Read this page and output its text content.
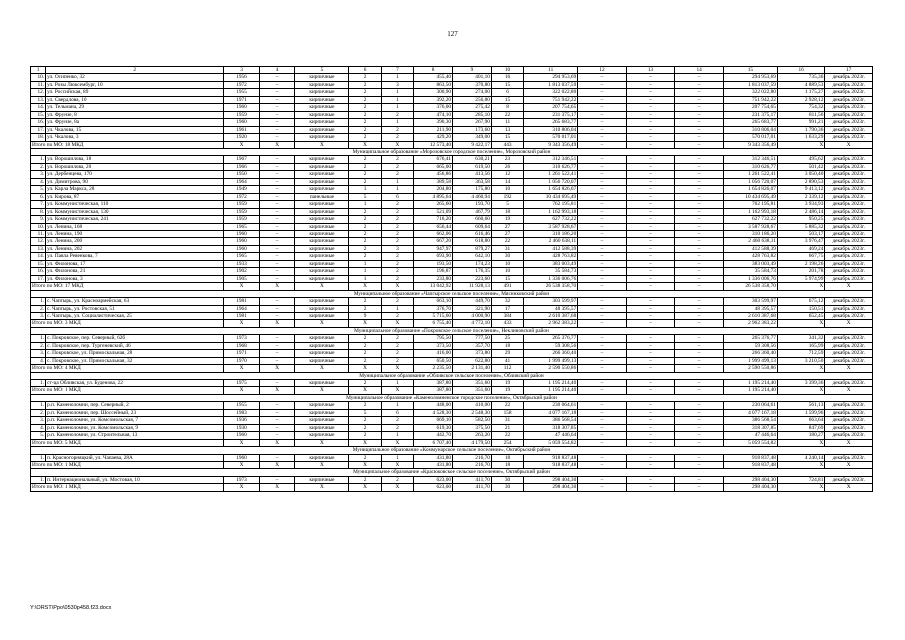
127
1	2	3	4	5	6	7	8	9	10	11	12	13	14	15	16	17
10.	ул. Осипенко, 32	1956	–	кирпичные	2	1	455,40	401,10	16	294 953,69	–	–	–	294 953,69	735,36	декабрь 2023г.
11.	ул. Розы Люксембург, 10	1972	–	кирпичные	2	3	863,50	370,80	15	1 813 037,59	–	–	–	1 813 037,59	4 889,53	декабрь 2023г.
12.	ул. Российская, 89	1955	–	кирпичные	2	1	300,90	274,00	6	322 022,80	–	–	–	322 022,80	1 175,27	декабрь 2023г.
13.	ул. Свердлова, 10	1971	–	кирпичные	2	1	392,20	256,80	15	751 942,22	–	–	–	751 942,22	2 928,12	декабрь 2023г.
14.	ул. Тельмана, 29	1960	–	кирпичные	2	1	376,00	275,42	8	207 754,65	–	–	–	207 754,65	754,32	декабрь 2023г.
15.	ул. Фрунзе, 8	1959	–	кирпичные	2	2	474,10	285,10	22	231 375,17	–	–	–	231 375,17	811,56	декабрь 2023г.
16.	ул. Фрунзе, 8а	1960	–	кирпичные	2	1	390,30	267,90	11	265 683,77	–	–	–	265 683,77	991,21	декабрь 2023г.
17.	ул. Чкалова, 15	1961	–	кирпичные	2	2	211,90	173,60	13	310 806,04	–	–	–	310 806,04	1 790,36	декабрь 2023г.
18.	ул. Чкалова, 3	1920	–	кирпичные	2	2	429,20	349,00	15	570 017,01	–	–	–	570 017,01	1 633,29	декабрь 2023г.
Итого по МО: 18 МКД		X	X	X	X	X	12 573,40	9 422,17	443	9 343 356,49	–	–	–	9 343 356,49	X	X
Муниципальное образование «Морозовское городское поселение», Морозовский район																
1.	ул. Ворошилова, 18	1967	–	кирпичные	2	2	676,41	630,21	23	312 346,51	–	–	–	312 346,51	495,62	декабрь 2023г.
2.	ул. Ворошилова, 20	1966	–	кирпичные	2	2	665,00	619,50	26	310 626,77	–	–	–	310 626,77	501,42	декабрь 2023г.
3.	ул. Дербенцева, 170	1950	–	кирпичные	2	2	456,86	413,56	12	1 261 522,41	–	–	–	1 261 522,41	3 050,40	декабрь 2023г.
4.	ул. Димитрова, 90	1964	–	кирпичные	2	1	389,58	363,58	14	1 056 720,07	–	–	–	1 056 720,07	2 890,53	декабрь 2023г.
5.	ул. Карла Маркса, 28	1949	–	кирпичные	1	1	204,80	175,80	10	1 654 826,07	–	–	–	1 654 826,07	9 413,12	декабрь 2023г.
6.	ул. Кирова, 87	1972	–	панельные	5	6	4 895,64	4 460,94	192	10 434 695,49	–	–	–	10 434 695,49	2 339,12	декабрь 2023г.
7.	ул. Коммунистическая, 110	1959	–	кирпичные	1	2	265,60	193,70	5	762 195,81	–	–	–	762 195,81	3 934,93	декабрь 2023г.
8.	ул. Коммунистическая, 130	1959	–	кирпичные	2	2	521,09	467,79	18	1 162 993,18	–	–	–	1 162 993,18	2 486,14	декабрь 2023г.
9.	ул. Коммунистическая, 241	1959	–	кирпичные	2	2	716,20	660,60	19	627 732,22	–	–	–	627 732,22	950,25	декабрь 2023г.
10.	ул. Ленина, 168	1965	–	кирпичные	2	2	656,44	609,64	27	3 587 928,67	–	–	–	3 587 928,67	5 885,32	декабрь 2023г.
11.	ул. Ленина, 190	1960	–	кирпичные	2	2	662,06	616,46	27	310 186,20	–	–	–	310 186,20	503,17	декабрь 2023г.
12.	ул. Ленина, 200	1960	–	кирпичные	2	2	667,20	618,80	22	2 460 638,11	–	–	–	2 460 638,11	3 976,47	декабрь 2023г.
13.	ул. Ленина, 202	1960	–	кирпичные	2	3	947,97	879,27	31	412 588,39	–	–	–	412 588,39	469,24	декабрь 2023г.
14.	ул. Павла Ревенкова, 7	1965	–	кирпичные	2	2	693,90	642,10	30	428 763,82	–	–	–	428 763,82	667,75	декабрь 2023г.
15.	ул. Филонова, 17	1933	–	кирпичные	1	2	193,50	174,23	10	383 003,49	–	–	–	383 003,49	2 198,26	декабрь 2023г.
16.	ул. Филонова, 21	1902	–	кирпичные	1	2	196,87	176,35	10	35 584,73	–	–	–	35 584,73	201,78	декабрь 2023г.
17.	ул. Филонова, 3	1905	–	кирпичные	1	2	233,80	223,60	15	1 336 006,76	–	–	–	1 336 006,76	5 974,99	декабрь 2023г.
Итого по МО: 17 МКД		X	X	X	X	X	13 042,92	11 928,13	491	26 538 358,70	–	–	–	26 538 358,70	X	X
Муниципальное образование «Чапгырское сельское поселение», Мясниковский район																
1.	с. Чапгырь, ул. Красноармейская, 63	1981	–	кирпичные	2	2	663,10	449,70	32	303 599,97	–	–	–	303 599,97	675,12	декабрь 2023г.
2.	с. Чапгырь, ул. Ростовская, 51	1964	–	кирпичные	2	1	376,70	321,90	17	48 395,57	–	–	–	48 395,57	150,51	декабрь 2023г.
3.	с. Чапгырь, ул. Социалистическая, 25	1981	–	кирпичные	9	2	5 715,60	4 000,90	384	2 610 387,68	–	–	–	2 610 387,68	652,45	декабрь 2023г.
Итого по МО: 3 МКД		X	X	X	X	X	6 755,40	4 772,10	433	2 962 383,22	–	–	–	2 962 383,22	X	X
Муниципальное образование «Покровское сельское поселение», Неклиновский район																
1.	с. Покровское, пер. Северный, 62б	1973	–	кирпичные	2	2	795,50	777,50	25	265 376,77	–	–	–	265 376,77	341,32	декабрь 2023г.
2.	с. Покровское, пер. Тургеневский, 46	1968	–	кирпичные	2	2	373,50	357,70	18	59 308,56	–	–	–	59 308,56	165,99	декабрь 2023г.
3.	с. Покровское, ул. Примоскальная, 28	1971	–	кирпичные	2	2	416,00	373,80	29	266 360,40	–	–	–	266 360,40	712,59	декабрь 2023г.
4.	с. Покровское, ул. Примоскальная, 32	1970	–	кирпичные	2	2	650,50	622,80	41	1 999 499,13	–	–	–	1 999 499,13	3 210,50	декабрь 2023г.
Итого по МО: 4 МКД		X	X	X	X	X	2 235,50	2 131,40	112	2 590 550,86	–	–	–	2 590 550,86	X	X
Муниципальное образование «Обливское сельское поселение», Обливский район																
1.	ст-ца Обливская, ул. Буденова, 22	1975	–	кирпичные	2	1	387,80	351,60	19	1 195 214,40	–	–	–	1 195 214,40	3 399,36	декабрь 2023г.
Итого по МО: 1 МКД		X	X	X	X	X	387,80	351,60	19	1 195 214,40	–	–	–	1 195 214,40	X	X
Муниципальное образование «Каменоломненское городское поселение», Октябрьский район																
1.	р.п. Каменоломни, пер. Северный, 2	1955	–	кирпичные	2	1	448,00	410,00	22	230 064,61	–	–	–	230 064,61	561,13	декабрь 2023г.
2.	р.п. Каменоломни, пер. Шоссейный, 23	1983	–	кирпичные	5	6	4 528,30	2 548,30	158	4 077 167,18	–	–	–	4 077 167,18	1 599,96	декабрь 2023г.
3.	р.п. Каменоломни, ул. Комсомольская, 7	1936	–	кирпичные	2	2	669,10	582,50	31	386 568,54	–	–	–	386 568,54	663,64	декабрь 2023г.
4.	р.п. Каменоломни, ул. Комсомольская, 9	1930	–	кирпичные	2	2	619,30	375,50	21	318 307,85	–	–	–	318 307,85	847,69	декабрь 2023г.
5.	р.п. Каменоломни, ул. Строительная, 13	1960	–	кирпичные	2	1	442,70	263,20	22	47 446,64	–	–	–	47 446,64	180,27	декабрь 2023г.
Итого по МО: 5 МКД		X	X	X	X	X	6 707,40	4 179,50	254	5 059 554,82	–	–	–	5 059 554,82	X	X
Муниципальное образование «Коммунарское сельское поселение», Октябрьский район																
1.	п. Красногорняцкий, ул. Чапаева, 28А	1960	–	кирпичные	2	1	431,80	216,70	18	918 837,48	–	–	–	918 837,48	4 240,14	декабрь 2023г.
Итого по МО: 1 МКД		X	X	X	X	X	431,80	216,70	18	918 837,48	–	–	–	918 837,48	X	X
Муниципальное образование «Красюковское сельское поселение», Октябрьский район																
1.	п. Интернациональный, ул. Мостовая, 10	1973	–	кирпичные	2	2	623,00	411,70	30	298 404,30	–	–	–	298 404,30	724,81	декабрь 2023г.
Итого по МО: 1 МКД		X	X	X	X	X	623,00	411,70	30	298 404,30	–	–	–	298 404,30	X	X
Y:\ORST\Ppo\0530p458.f23.docx
